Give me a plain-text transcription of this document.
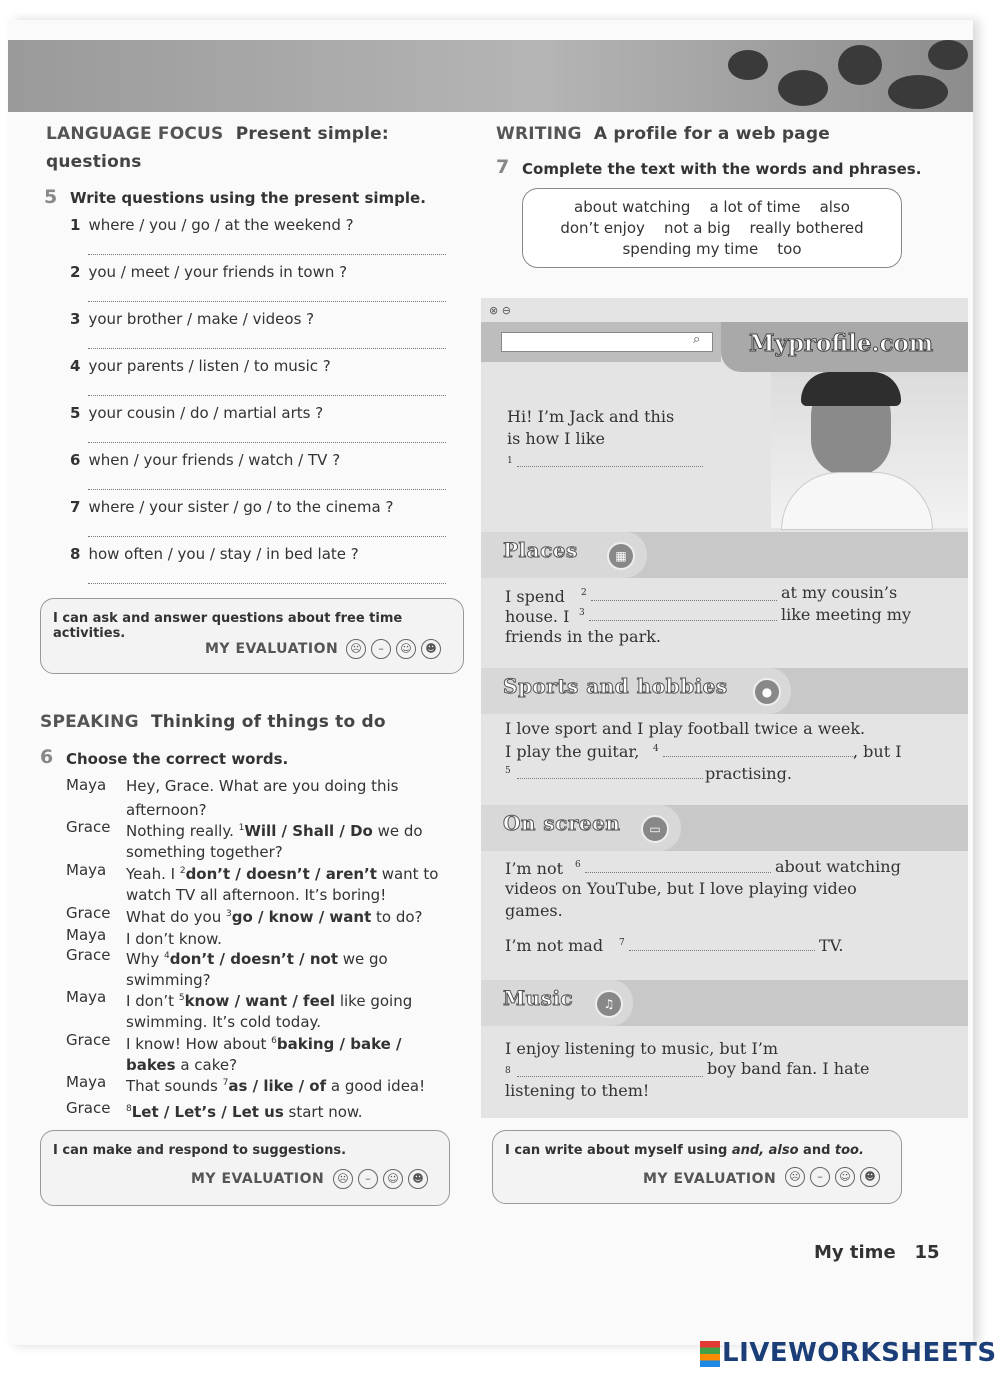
LANGUAGE FOCUS Present simple:
questions
5 Write questions using the present simple.
1 where / you / go / at the weekend ?
2 you / meet / your friends in town ?
3 your brother / make / videos ?
4 your parents / listen / to music ?
5 your cousin / do / martial arts ?
6 when / your friends / watch / TV ?
7 where / your sister / go / to the cinema ?
8 how often / you / stay / in bed late ?
I can ask and answer questions about free time activities.
MY EVALUATION	☹	–	☺	☻
SPEAKING Thinking of things to do
6 Choose the correct words.
Maya Hey, Grace. What are you doing this afternoon?
Grace Nothing really. $^1$Will / Shall / Do we do something together?
Maya Yeah. I $^2$don’t / doesn’t / aren’t want to watch TV all afternoon. It’s boring!
Grace What do you $^3$go / know / want to do?
Maya I don’t know.
Grace Why $^4$don’t / doesn’t / not we go swimming?
Maya I don’t $^5$know / want / feel like going swimming. It’s cold today.
Grace I know! How about $^6$baking / bake / bakes a cake?
Maya That sounds $^7$as / like / of a good idea!
Grace $^8$Let / Let’s / Let us start now.
I can make and respond to suggestions.
MY EVALUATION	☹	–	☺	☻
WRITING A profile for a web page
7 Complete the text with the words and phrases.
about watching    a lot of time    also
don’t enjoy    not a big    really bothered
spending my time    too
⊗ ⊖
⌕ Myprofile.com
Hi! I’m Jack and this
is how I like
1
Places	▦
I spend 2	at my cousin’s
house. I 3	like meeting my
friends in the park.
Sports and hobbies	●
I love sport and I play football twice a week.
I play the guitar, 4	, but I
5	practising.
On screen	▭
I’m not 6	about watching
videos on YouTube, but I love playing video
games.
I’m not mad 7	TV.
Music	♫
I enjoy listening to music, but I’m
8	boy band fan. I hate
listening to them!
I can write about myself using and, also and too.
MY EVALUATION	☹	–	☺	☻
My time 15
LIVEWORKSHEETS
